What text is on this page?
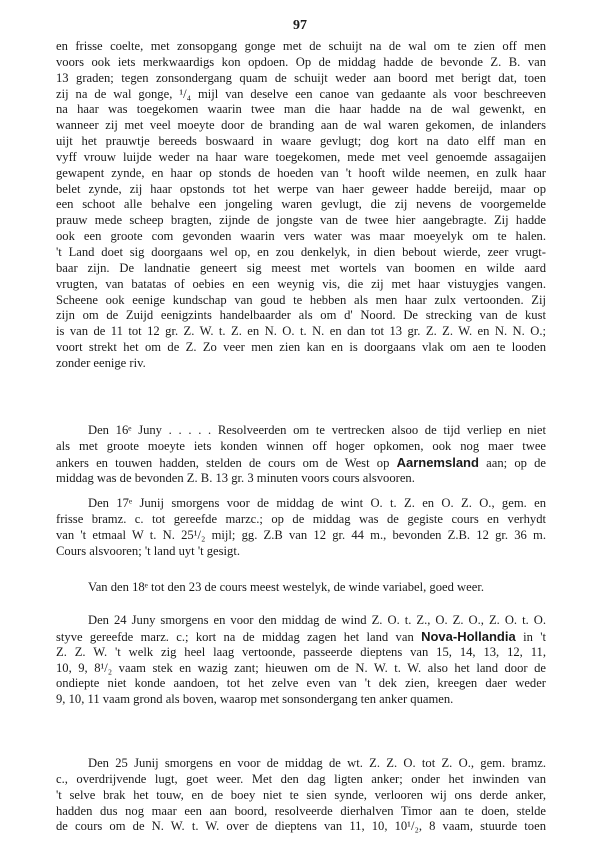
97
en frisse coelte, met zonsopgang gonge met de schuijt na de wal om te zien off men
voors ook iets merkwaardigs kon opdoen. Op de middag hadde de bevonde Z. B. van
13 graden; tegen zonsondergang quam de schuijt weder aan boord met berigt dat, toen
zij na de wal gonge, ¹/₄ mijl van deselve een canoe van gedaante als voor beschreeven
na haar was toegekomen waarin twee man die haar hadde na de wal gewenkt, en
wanneer zij met veel moeyte door de branding aan de wal waren gekomen, de inlanders
uijt het prauwtje bereeds boswaard in waare gevlugt; dog kort na dato elff man en
vyff vrouw luijde weder na haar ware toegekomen, mede met veel genoemde assagaijen
gewapent zynde, en haar op stonds de hoeden van 't hooft wilde neemen, en zulk haar
belet zynde, zij haar opstonds tot het werpe van haer geweer hadde bereijd, maar op
een schoot alle behalve een jongeling waren gevlugt, die zij nevens de voorgemelde
prauw mede scheep bragten, zijnde de jongste van de twee hier aangebragte. Zij hadde
ook een groote com gevonden waarin vers water was maar moeyelyk om te halen.
't Land doet sig doorgaans wel op, en zou denkelyk, in dien bebout wierde, zeer vrugt-
baar zijn. De landnatie geneert sig meest met wortels van boomen en wilde aard
vrugten, van batatas of oebies en een weynig vis, die zij met haar vistuygjes vangen.
Scheene ook eenige kundschap van goud te hebben als men haar zulx vertoonden. Zij
zijn om de Zuijd eenigzints handelbaarder als om d' Noord. De strecking van de kust
is van de 11 tot 12 gr. Z. W. t. Z. en N. O. t. N. en dan tot 13 gr. Z. Z. W. en N. N. O.;
voort strekt het om de Z. Zo veer men zien kan en is doorgaans vlak om aen te looden
zonder eenige riv.
Den 16ᵉ Juny . . . . . Resolveerden om te vertrecken alsoo de tijd verliep en niet
als met groote moeyte iets konden winnen off hoger opkomen, ook nog maer twee
ankers en touwen hadden, stelden de cours om de West op Aarnemsland aan; op de
middag was de bevonden Z. B. 13 gr. 3 minuten voors cours alsvooren.
Den 17ᵉ Junij smorgens voor de middag de wint O. t. Z. en O. Z. O., gem. en
frisse bramz. c. tot gereefde marzc.; op de middag was de gegiste cours en verhydt
van 't etmaal W t. N. 25¹/₂ mijl; gg. Z.B van 12 gr. 44 m., bevonden Z.B. 12 gr. 36 m.
Cours alsvooren; 't land uyt 't gesigt.
Van den 18ᵉ tot den 23 de cours meest westelyk, de winde variabel, goed weer.
Den 24 Juny smorgens en voor den middag de wind Z. O. t. Z., O. Z. O., Z. O. t. O.
styve gereefde marz. c.; kort na de middag zagen het land van Nova-Hollandia in 't
Z. Z. W. 't welk zig heel laag vertoonde, passeerde dieptens van 15, 14, 13, 12, 11,
10, 9, 8¹/₂ vaam stek en wazig zant; hieuwen om de N. W. t. W. also het land door de
ondiepte niet konde aandoen, tot het zelve even van 't dek zien, kreegen daer weder
9, 10, 11 vaam grond als boven, waarop met sonsondergang ten anker quamen.
Den 25 Junij smorgens en voor de middag de wt. Z. Z. O. tot Z. O., gem. bramz.
c., overdrijvende lugt, goet weer. Met den dag ligten anker; onder het inwinden van
't selve brak het touw, en de boey niet te sien synde, verlooren wij ons derde anker,
hadden dus nog maar een aan boord, resolveerde dierhalven Timor aan te doen, stelde
de cours om de N. W. t. W. over de dieptens van 11, 10, 10¹/₂, 8 vaam, stuurde toen
